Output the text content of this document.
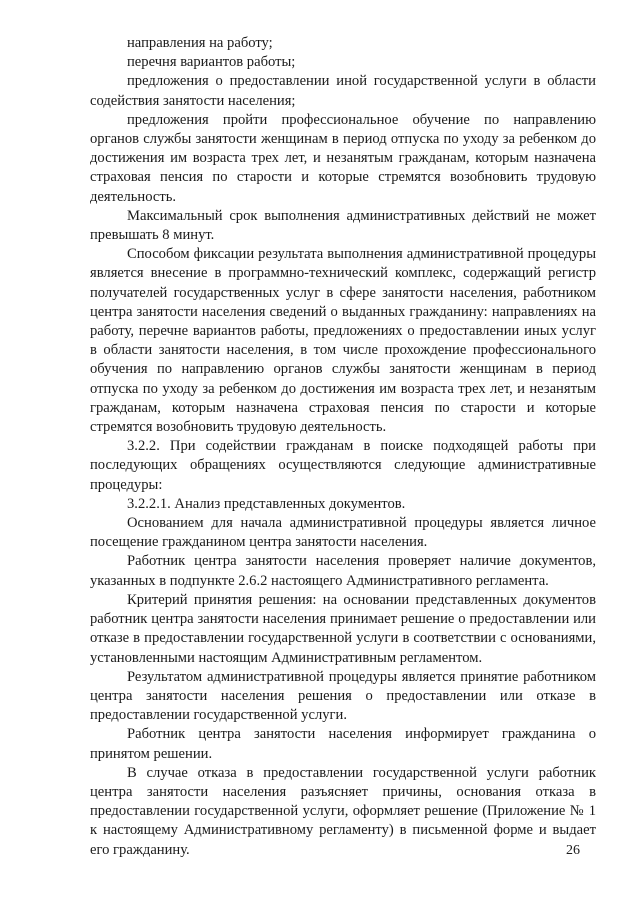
направления на работу;

перечня вариантов работы;

предложения о предоставлении иной государственной услуги в области содействия занятости населения;

предложения пройти профессиональное обучение по направлению органов службы занятости женщинам в период отпуска по уходу за ребенком до достижения им возраста трех лет, и незанятым гражданам, которым назначена страховая пенсия по старости и которые стремятся возобновить трудовую деятельность.

Максимальный срок выполнения административных действий не может превышать 8 минут.

Способом фиксации результата выполнения административной процедуры является внесение в программно-технический комплекс, содержащий регистр получателей государственных услуг в сфере занятости населения, работником центра занятости населения сведений о выданных гражданину: направлениях на работу, перечне вариантов работы, предложениях о предоставлении иных услуг в области занятости населения, в том числе прохождение профессионального обучения по направлению органов службы занятости женщинам в период отпуска по уходу за ребенком до достижения им возраста трех лет, и незанятым гражданам, которым назначена страховая пенсия по старости и которые стремятся возобновить трудовую деятельность.

3.2.2. При содействии гражданам в поиске подходящей работы при последующих обращениях осуществляются следующие административные процедуры:

3.2.2.1. Анализ представленных документов.

Основанием для начала административной процедуры является личное посещение гражданином центра занятости населения.

Работник центра занятости населения проверяет наличие документов, указанных в подпункте 2.6.2 настоящего Административного регламента.

Критерий принятия решения: на основании представленных документов работник центра занятости населения принимает решение о предоставлении или отказе в предоставлении государственной услуги в соответствии с основаниями, установленными настоящим Административным регламентом.

Результатом административной процедуры является принятие работником центра занятости населения решения о предоставлении или отказе в предоставлении государственной услуги.

Работник центра занятости населения информирует гражданина о принятом решении.

В случае отказа в предоставлении государственной услуги работник центра занятости населения разъясняет причины, основания отказа в предоставлении государственной услуги, оформляет решение (Приложение № 1 к настоящему Административному регламенту) в письменной форме и выдает его гражданину.	26
